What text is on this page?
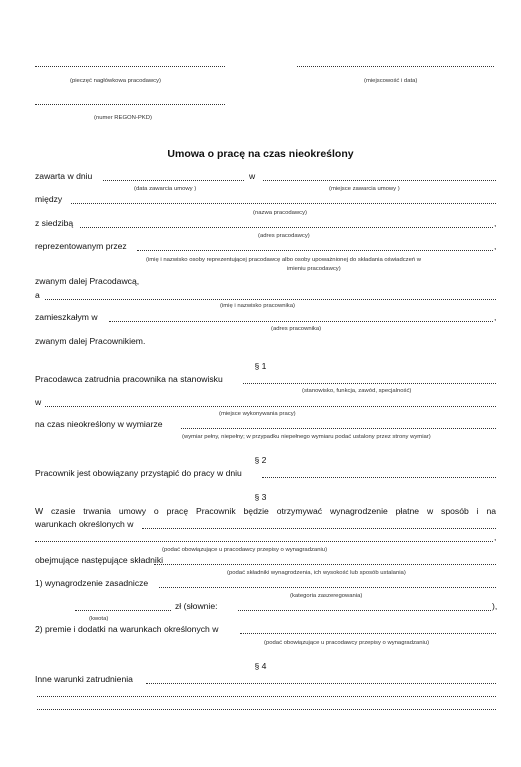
(pieczęć nagłówkowa pracodawcy)	(miejscowość i data)
(numer REGON-PKD)
Umowa o pracę na czas nieokreślony
zawarta w dniu	w
(data zawarcia umowy )	(miejsce zawarcia umowy )
między
(nazwa pracodawcy)
z siedzibą	,
(adres pracodawcy)
reprezentowanym przez	,
(imię i nazwisko osoby reprezentującej pracodawcę albo osoby upoważnionej do składania oświadczeń w
imieniu pracodawcy)
zwanym dalej Pracodawcą,
a
(imię i nazwisko pracownika)
zamieszkałym w	,
(adres pracownika)
zwanym dalej Pracownikiem.
§ 1
Pracodawca zatrudnia pracownika na stanowisku
(stanowisko, funkcja, zawód, specjalność)
w
(miejsce wykonywania pracy)
na czas nieokreślony w wymiarze
(wymiar pełny, niepełny; w przypadku niepełnego wymiaru podać ustalony przez strony wymiar)
§ 2
Pracownik jest obowiązany przystąpić do pracy w dniu
§ 3
W czasie trwania umowy o pracę Pracownik będzie otrzymywać wynagrodzenie płatne w sposób i na
warunkach określonych w
,
(podać obowiązujące u pracodawcy przepisy o wynagradzaniu)
obejmujące następujące składniki
(podać składniki wynagrodzenia, ich wysokość lub sposób ustalania)
1) wynagrodzenie zasadnicze
(kategoria zaszeregowania)
zł (słownie:	),
(kwota)
2) premie i dodatki na warunkach określonych w
(podać obowiązujące u pracodawcy przepisy o wynagradzaniu)
§ 4
Inne warunki zatrudnienia
